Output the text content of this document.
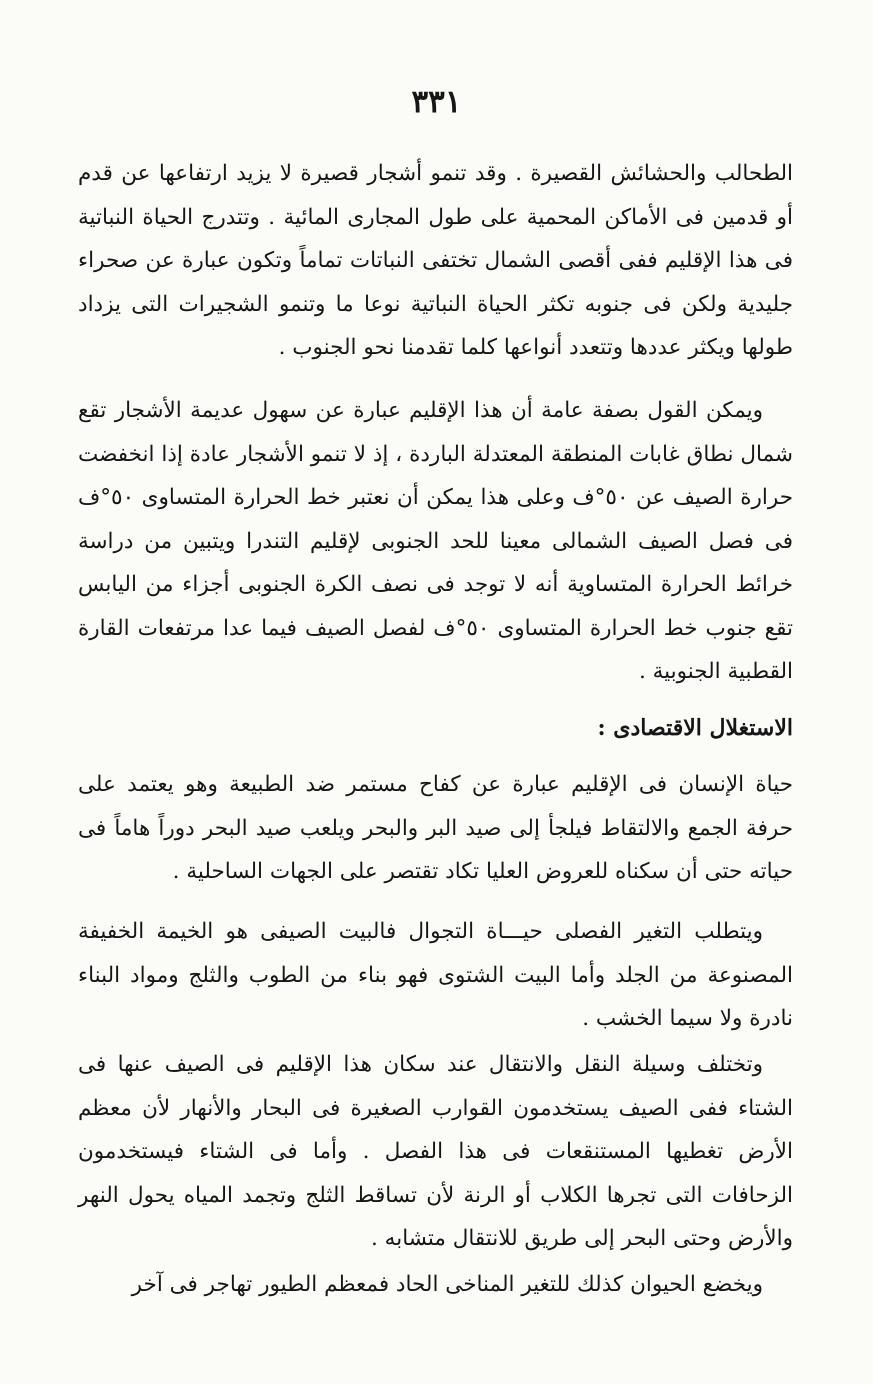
٣٣١

الطحالب والحشائش القصيرة . وقد تنمو أشجار قصيرة لا يزيد ارتفاعها عن قدم أو قدمين فى الأماكن المحمية على طول المجارى المائية . وتتدرج الحياة النباتية فى هذا الإقليم ففى أقصى الشمال تختفى النباتات تماماً وتكون عبارة عن صحراء جليدية ولكن فى جنوبه تكثر الحياة النباتية نوعا ما وتنمو الشجيرات التى يزداد طولها ويكثر عددها وتتعدد أنواعها كلما تقدمنا نحو الجنوب .

ويمكن القول بصفة عامة أن هذا الإقليم عبارة عن سهول عديمة الأشجار تقع شمال نطاق غابات المنطقة المعتدلة الباردة ، إذ لا تنمو الأشجار عادة إذا انخفضت حرارة الصيف عن ٥٠°ف وعلى هذا يمكن أن نعتبر خط الحرارة المتساوى ٥٠°ف فى فصل الصيف الشمالى معينا للحد الجنوبى لإقليم التندرا ويتبين من دراسة خرائط الحرارة المتساوية أنه لا توجد فى نصف الكرة الجنوبى أجزاء من اليابس تقع جنوب خط الحرارة المتساوى ٥٠°ف لفصل الصيف فيما عدا مرتفعات القارة القطبية الجنوبية .

الاستغلال الاقتصادى :

حياة الإنسان فى الإقليم عبارة عن كفاح مستمر ضد الطبيعة وهو يعتمد على حرفة الجمع والالتقاط فيلجأ إلى صيد البر والبحر ويلعب صيد البحر دوراً هاماً فى حياته حتى أن سكناه للعروض العليا تكاد تقتصر على الجهات الساحلية .

ويتطلب التغير الفصلى حيـــاة التجوال فالبيت الصيفى هو الخيمة الخفيفة المصنوعة من الجلد وأما البيت الشتوى فهو بناء من الطوب والثلج ومواد البناء نادرة ولا سيما الخشب .

وتختلف وسيلة النقل والانتقال عند سكان هذا الإقليم فى الصيف عنها فى الشتاء ففى الصيف يستخدمون القوارب الصغيرة فى البحار والأنهار لأن معظم الأرض تغطيها المستنقعات فى هذا الفصل . وأما فى الشتاء فيستخدمون الزحافات التى تجرها الكلاب أو الرنة لأن تساقط الثلج وتجمد المياه يحول النهر والأرض وحتى البحر إلى طريق للانتقال متشابه .

ويخضع الحيوان كذلك للتغير المناخى الحاد فمعظم الطيور تهاجر فى آخر
